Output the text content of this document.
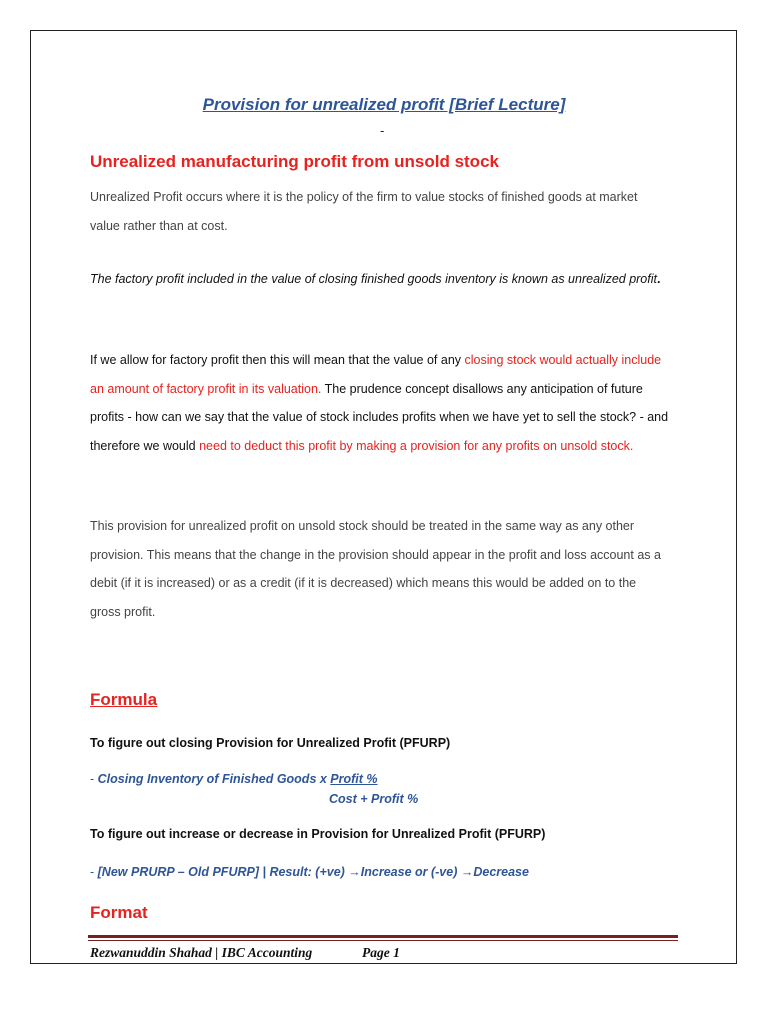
Provision for unrealized profit [Brief Lecture]
-
Unrealized manufacturing profit from unsold stock

Unrealized Profit occurs where it is the policy of the firm to value stocks of finished goods at market value rather than at cost.

The factory profit included in the value of closing finished goods inventory is known as unrealized profit.

If we allow for factory profit then this will mean that the value of any closing stock would actually include an amount of factory profit in its valuation. The prudence concept disallows any anticipation of future profits - how can we say that the value of stock includes profits when we have yet to sell the stock? - and therefore we would need to deduct this profit by making a provision for any profits on unsold stock.

This provision for unrealized profit on unsold stock should be treated in the same way as any other provision. This means that the change in the provision should appear in the profit and loss account as a debit (if it is increased) or as a credit (if it is decreased) which means this would be added on to the gross profit.

Formula

To figure out closing Provision for Unrealized Profit (PFURP)

- Closing Inventory of Finished Goods x Profit %

Cost + Profit %

To figure out increase or decrease in Provision for Unrealized Profit (PFURP)

- [New PRURP – Old PFURP] | Result: (+ve) →Increase or (-ve) →Decrease

Format

Rezwanuddin Shahad | IBC Accounting	Page 1
